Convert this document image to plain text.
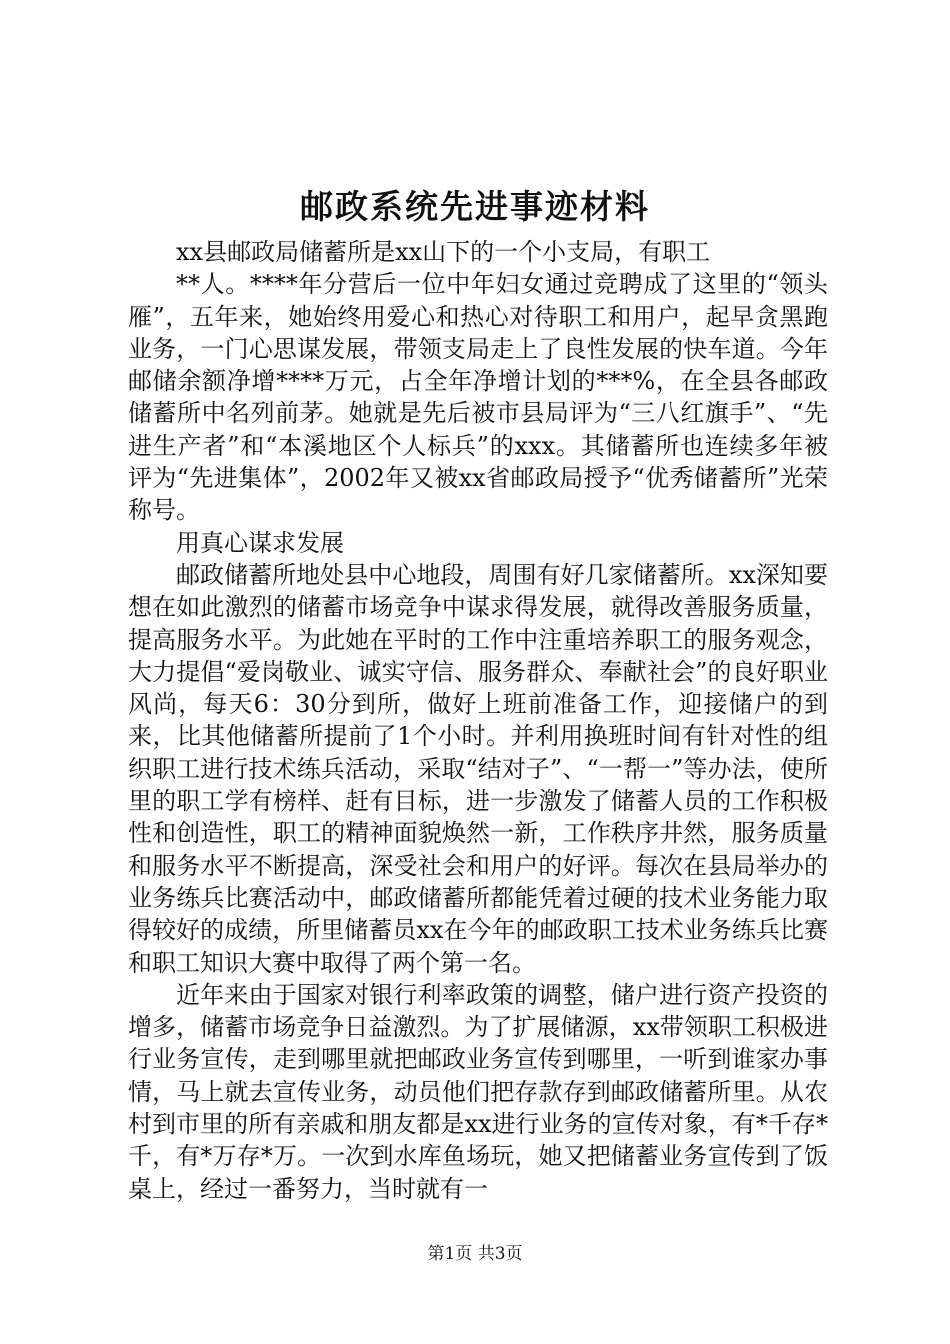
邮政系统先进事迹材料

xx县邮政局储蓄所是xx山下的一个小支局，有职工

**人。****年分营后一位中年妇女通过竞聘成了这里的“领头雁”，五年来，她始终用爱心和热心对待职工和用户，起早贪黑跑业务，一门心思谋发展，带领支局走上了良性发展的快车道。今年邮储余额净增****万元，占全年净增计划的***%，在全县各邮政储蓄所中名列前茅。她就是先后被市县局评为“三八红旗手”、“先进生产者”和“本溪地区个人标兵”的xxx。其储蓄所也连续多年被评为“先进集体”，2002年又被xx省邮政局授予“优秀储蓄所”光荣称号。

用真心谋求发展

邮政储蓄所地处县中心地段，周围有好几家储蓄所。xx深知要想在如此激烈的储蓄市场竞争中谋求得发展，就得改善服务质量，提高服务水平。为此她在平时的工作中注重培养职工的服务观念，大力提倡“爱岗敬业、诚实守信、服务群众、奉献社会”的良好职业风尚，每天6：30分到所，做好上班前准备工作，迎接储户的到来，比其他储蓄所提前了1个小时。并利用换班时间有针对性的组织职工进行技术练兵活动，采取“结对子”、“一帮一”等办法，使所里的职工学有榜样、赶有目标，进一步激发了储蓄人员的工作积极性和创造性，职工的精神面貌焕然一新，工作秩序井然，服务质量和服务水平不断提高，深受社会和用户的好评。每次在县局举办的业务练兵比赛活动中，邮政储蓄所都能凭着过硬的技术业务能力取得较好的成绩，所里储蓄员xx在今年的邮政职工技术业务练兵比赛和职工知识大赛中取得了两个第一名。

近年来由于国家对银行利率政策的调整，储户进行资产投资的增多，储蓄市场竞争日益激烈。为了扩展储源，xx带领职工积极进行业务宣传，走到哪里就把邮政业务宣传到哪里，一听到谁家办事情，马上就去宣传业务，动员他们把存款存到邮政储蓄所里。从农村到市里的所有亲戚和朋友都是xx进行业务的宣传对象，有*千存*千，有*万存*万。一次到水库鱼场玩，她又把储蓄业务宣传到了饭桌上，经过一番努力，当时就有一

第1页 共3页
